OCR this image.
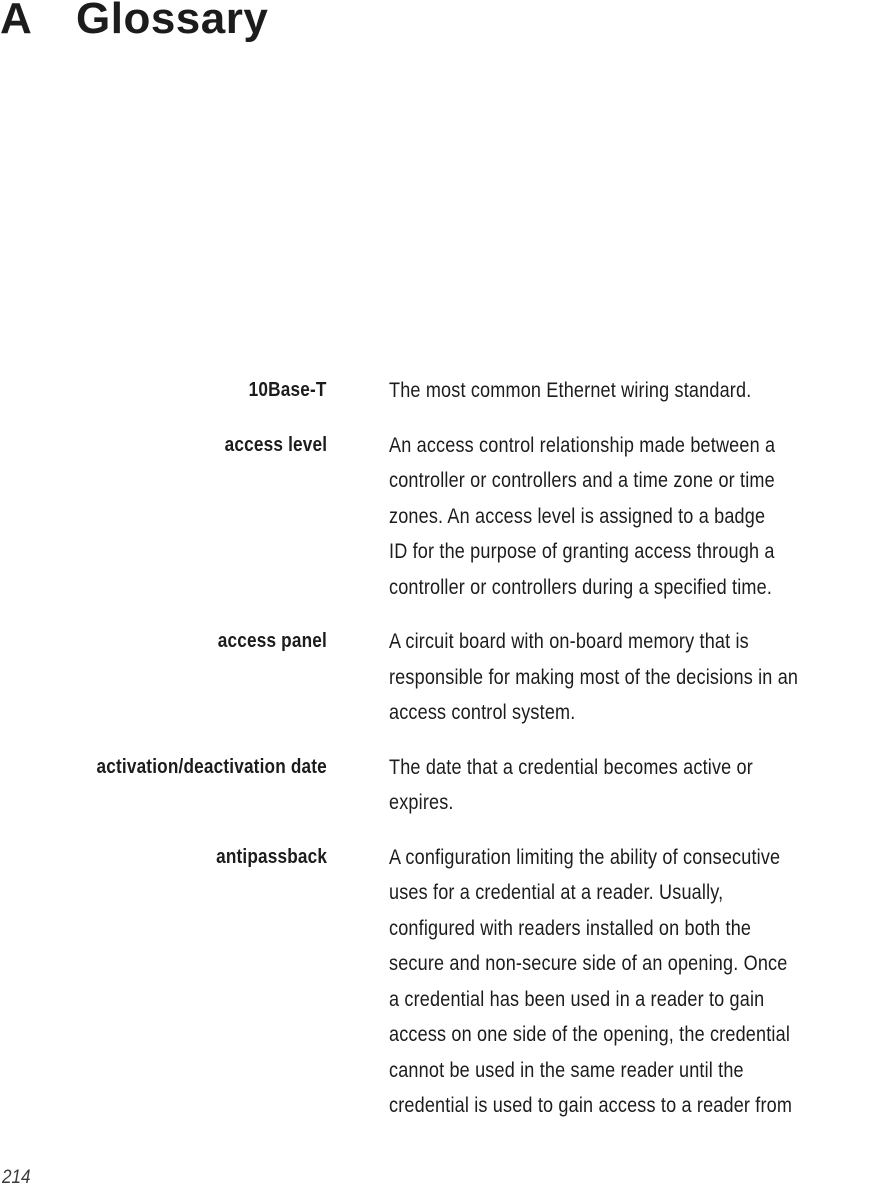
A Glossary
10Base-T	The most common Ethernet wiring standard.
access level	An access control relationship made between a
controller or controllers and a time zone or time
zones. An access level is assigned to a badge
ID for the purpose of granting access through a
controller or controllers during a specified time.
access panel	A circuit board with on-board memory that is
responsible for making most of the decisions in an
access control system.
activation/deactivation date	The date that a credential becomes active or
expires.
antipassback	A configuration limiting the ability of consecutive
uses for a credential at a reader. Usually,
configured with readers installed on both the
secure and non-secure side of an opening. Once
a credential has been used in a reader to gain
access on one side of the opening, the credential
cannot be used in the same reader until the
credential is used to gain access to a reader from
214
